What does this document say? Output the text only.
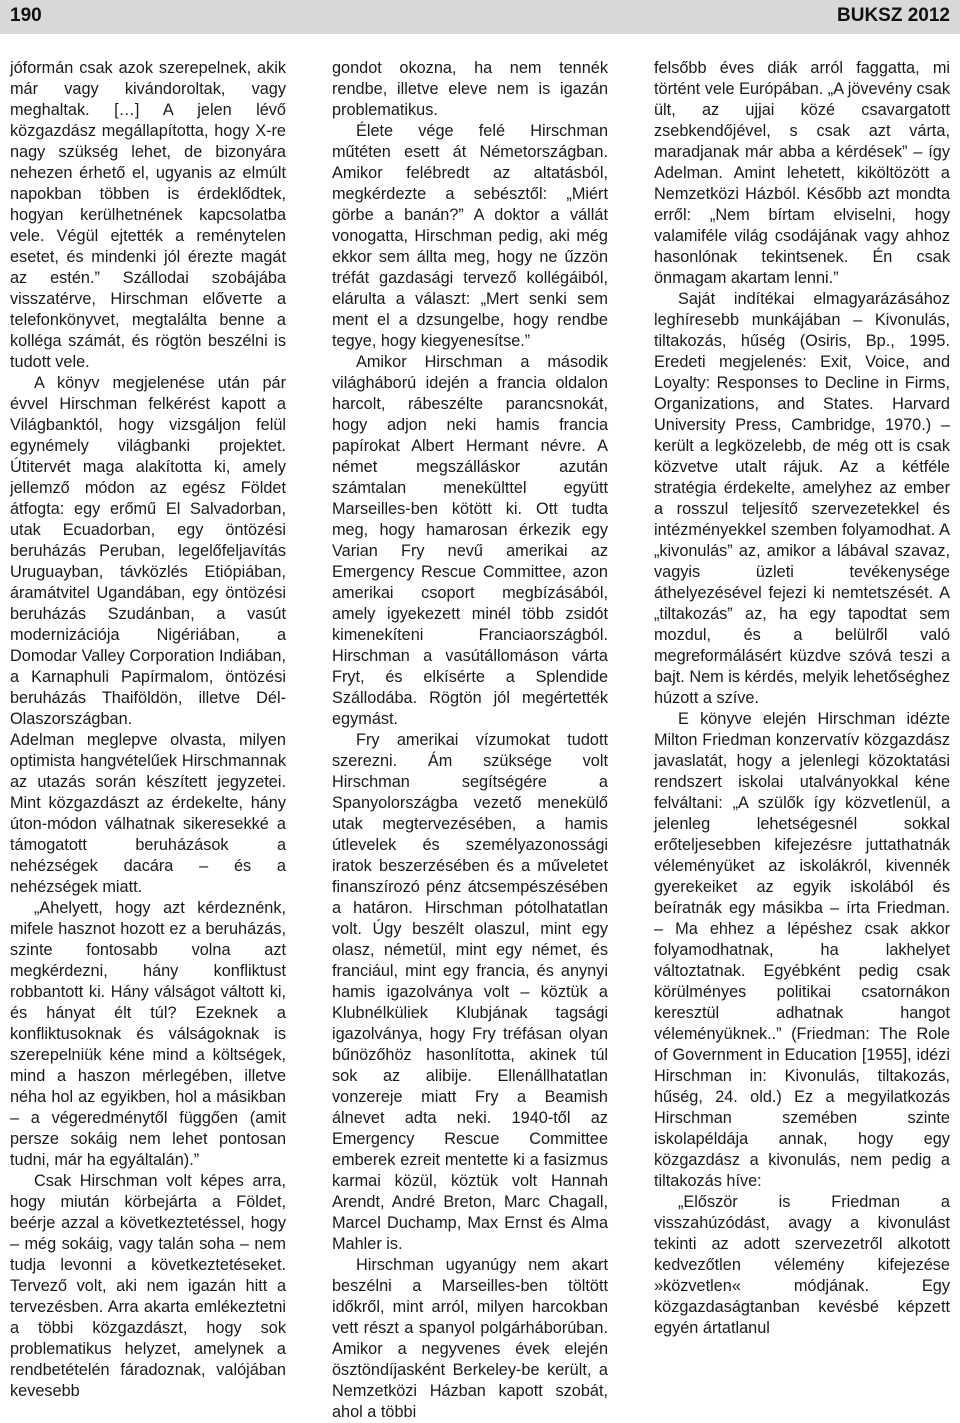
190	BUKSZ 2012

jóformán csak azok szerepelnek, akik már vagy kivándoroltak, vagy meghaltak. […] A jelen lévő közgazdász megállapította, hogy X-re nagy szükség lehet, de bizonyára nehezen érhető el, ugyanis az elmúlt napokban többen is érdeklődtek, hogyan kerülhetnének kapcsolatba vele. Végül ejtették a reménytelen esetet, és mindenki jól érezte magát az estén.” Szállodai szobájába visszatérve, Hirschman előveтte a telefonkönyvet, megtalálta benne a kolléga számát, és rögtön beszélni is tudott vele.

A könyv megjelenése után pár évvel Hirschman felkérést kapott a Világbanktól, hogy vizsgáljon felül egynémely világbanki projektet. Útitervét maga alakította ki, amely jellemző módon az egész Földet átfogta: egy erőmű El Salvadorban, utak Ecuadorban, egy öntözési beruházás Peruban, legelőfeljavítás Uruguayban, távközlés Etiópiában, áramátvitel Ugandában, egy öntözési beruházás Szudánban, a vasút modernizációja Nigériában, a Domodar Valley Corporation Indiában, a Karnaphuli Papírmalom, öntözési beruházás Thaiföldön, illetve Dél-Olaszországban.

Adelman meglepve olvasta, milyen optimista hangvételűek Hirschmannak az utazás során készített jegyzetei. Mint közgazdászt az érdekelte, hány úton-módon válhatnak sikeresekké a támogatott beruházások a nehézségek dacára – és a nehézségek miatt.

„Ahelyett, hogy azt kérdeznénk, mifele hasznot hozott ez a beruházás, szinte fontosabb volna azt megkérdezni, hány konfliktust robbantott ki. Hány válságot váltott ki, és hányat élt túl? Ezeknek a konfliktusoknak és válságoknak is szerepelniük kéne mind a költségek, mind a haszon mérlegében, illetve néha hol az egyikben, hol a másikban – a végeredménytől függően (amit persze sokáig nem lehet pontosan tudni, már ha egyáltalán).”

Csak Hirschman volt képes arra, hogy miután körbejárta a Földet, beérje azzal a következtetéssel, hogy – még sokáig, vagy talán soha – nem tudja levonni a következtetéseket. Tervező volt, aki nem igazán hitt a tervezésben. Arra akarta emlékeztetni a többi közgazdászt, hogy sok problematikus helyzet, amelynek a rendbetételén fáradoznak, valójában kevesebb

gondot okozna, ha nem tennék rendbe, illetve eleve nem is igazán problematikus.

Élete vége felé Hirschman műtéten esett át Németországban. Amikor felébredt az altatásból, megkérdezte a sebésztől: „Miért görbe a banán?” A doktor a vállát vonogatta, Hirschman pedig, aki még ekkor sem állta meg, hogy ne űzzön tréfát gazdasági tervező kollégáiból, elárulta a választ: „Mert senki sem ment el a dzsungelbe, hogy rendbe tegye, hogy kiegyenesítse.”

Amikor Hirschman a második világháború idején a francia oldalon harcolt, rábeszélte parancsnokát, hogy adjon neki hamis francia papírokat Albert Hermant névre. A német megszálláskor azután számtalan menekülttel együtt Marseilles-ben kötött ki. Ott tudta meg, hogy hamarosan érkezik egy Varian Fry nevű amerikai az Emergency Rescue Committee, azon amerikai csoport megbízásából, amely igyekezett minél több zsidót kimenekíteni Franciaországból. Hirschman a vasútállomáson várta Fryt, és elkísérte a Splendide Szállodába. Rögtön jól megértették egymást.

Fry amerikai vízumokat tudott szerezni. Ám szüksége volt Hirschman segítségére a Spanyolországba vezető menekülő utak megtervezésében, a hamis útlevelek és személyazonossági iratok beszerzésében és a műveletet finanszírozó pénz átcsempészésében a határon. Hirschman pótolhatatlan volt. Úgy beszélt olaszul, mint egy olasz, németül, mint egy német, és franciául, mint egy francia, és anynyi hamis igazolványa volt – köztük a Klubnélküliek Klubjának tagsági igazolványa, hogy Fry tréfásan olyan bűnözőhöz hasonlította, akinek túl sok az alibije. Ellenállhatatlan vonzereje miatt Fry a Beamish álnevet adta neki. 1940-től az Emergency Rescue Committee emberek ezreit mentette ki a fasizmus karmai közül, köztük volt Hannah Arendt, André Breton, Marc Chagall, Marcel Duchamp, Max Ernst és Alma Mahler is.

Hirschman ugyanúgy nem akart beszélni a Marseilles-ben töltött időkről, mint arról, milyen harcokban vett részt a spanyol polgárháborúban. Amikor a negyvenes évek elején ösztöndíjasként Berkeley-be került, a Nemzetközi Házban kapott szobát, ahol a többi

felsőbb éves diák arról faggatta, mi történt vele Európában. „A jövevény csak ült, az ujjai közé csavargatott zsebkendőjével, s csak azt várta, maradjanak már abba a kérdések” – így Adelman. Amint lehetett, kiköltözött a Nemzetközi Házból. Később azt mondta erről: „Nem bírtam elviselni, hogy valamiféle világ csodájának vagy ahhoz hasonlónak tekintsenek. Én csak önmagam akartam lenni.”

Saját indítékai elmagyarázásához leghíresebb munkájában – Kivonulás, tiltakozás, hűség (Osiris, Bp., 1995. Eredeti megjelenés: Exit, Voice, and Loyalty: Responses to Decline in Firms, Organizations, and States. Harvard University Press, Cambridge, 1970.) – került a legközelebb, de még ott is csak közvetve utalt rájuk. Az a kétféle stratégia érdekelte, amelyhez az ember a rosszul teljesítő szervezetekkel és intézményekkel szemben folyamodhat. A „kivonulás” az, amikor a lábával szavaz, vagyis üzleti tevékenysége áthelyezésével fejezi ki nemtetszését. A „tiltakozás” az, ha egy tapodtat sem mozdul, és a belülről való megreformálásért küzdve szóvá teszi a bajt. Nem is kérdés, melyik lehetőséghez húzott a szíve.

E könyve elején Hirschman idézte Milton Friedman konzervatív közgazdász javaslatát, hogy a jelenlegi közoktatási rendszert iskolai utalványokkal kéne felváltani: „A szülők így közvetlenül, a jelenleg lehetségesnél sokkal erőteljesebben kifejezésre juttathatnák véleményüket az iskolákról, kivennék gyerekeiket az egyik iskolából és beíratnák egy másikba – írta Friedman. – Ma ehhez a lépéshez csak akkor folyamodhatnak, ha lakhelyet változtatnak. Egyébként pedig csak körülményes politikai csatornákon keresztül adhatnak hangot véleményüknek..” (Friedman: The Role of Government in Education [1955], idézi Hirschman in: Kivonulás, tiltakozás, hűség, 24. old.) Ez a megyilatkozás Hirschman szemében szinte iskolapéldája annak, hogy egy közgazdász a kivonulás, nem pedig a tiltakozás híve:

„Először is Friedman a visszahúzódást, avagy a kivonulást tekinti az adott szervezetről alkotott kedvezőtlen vélemény kifejezése »közvetlen« módjának. Egy közgazdaságtanban kevésbé képzett egyén ártatlanul
